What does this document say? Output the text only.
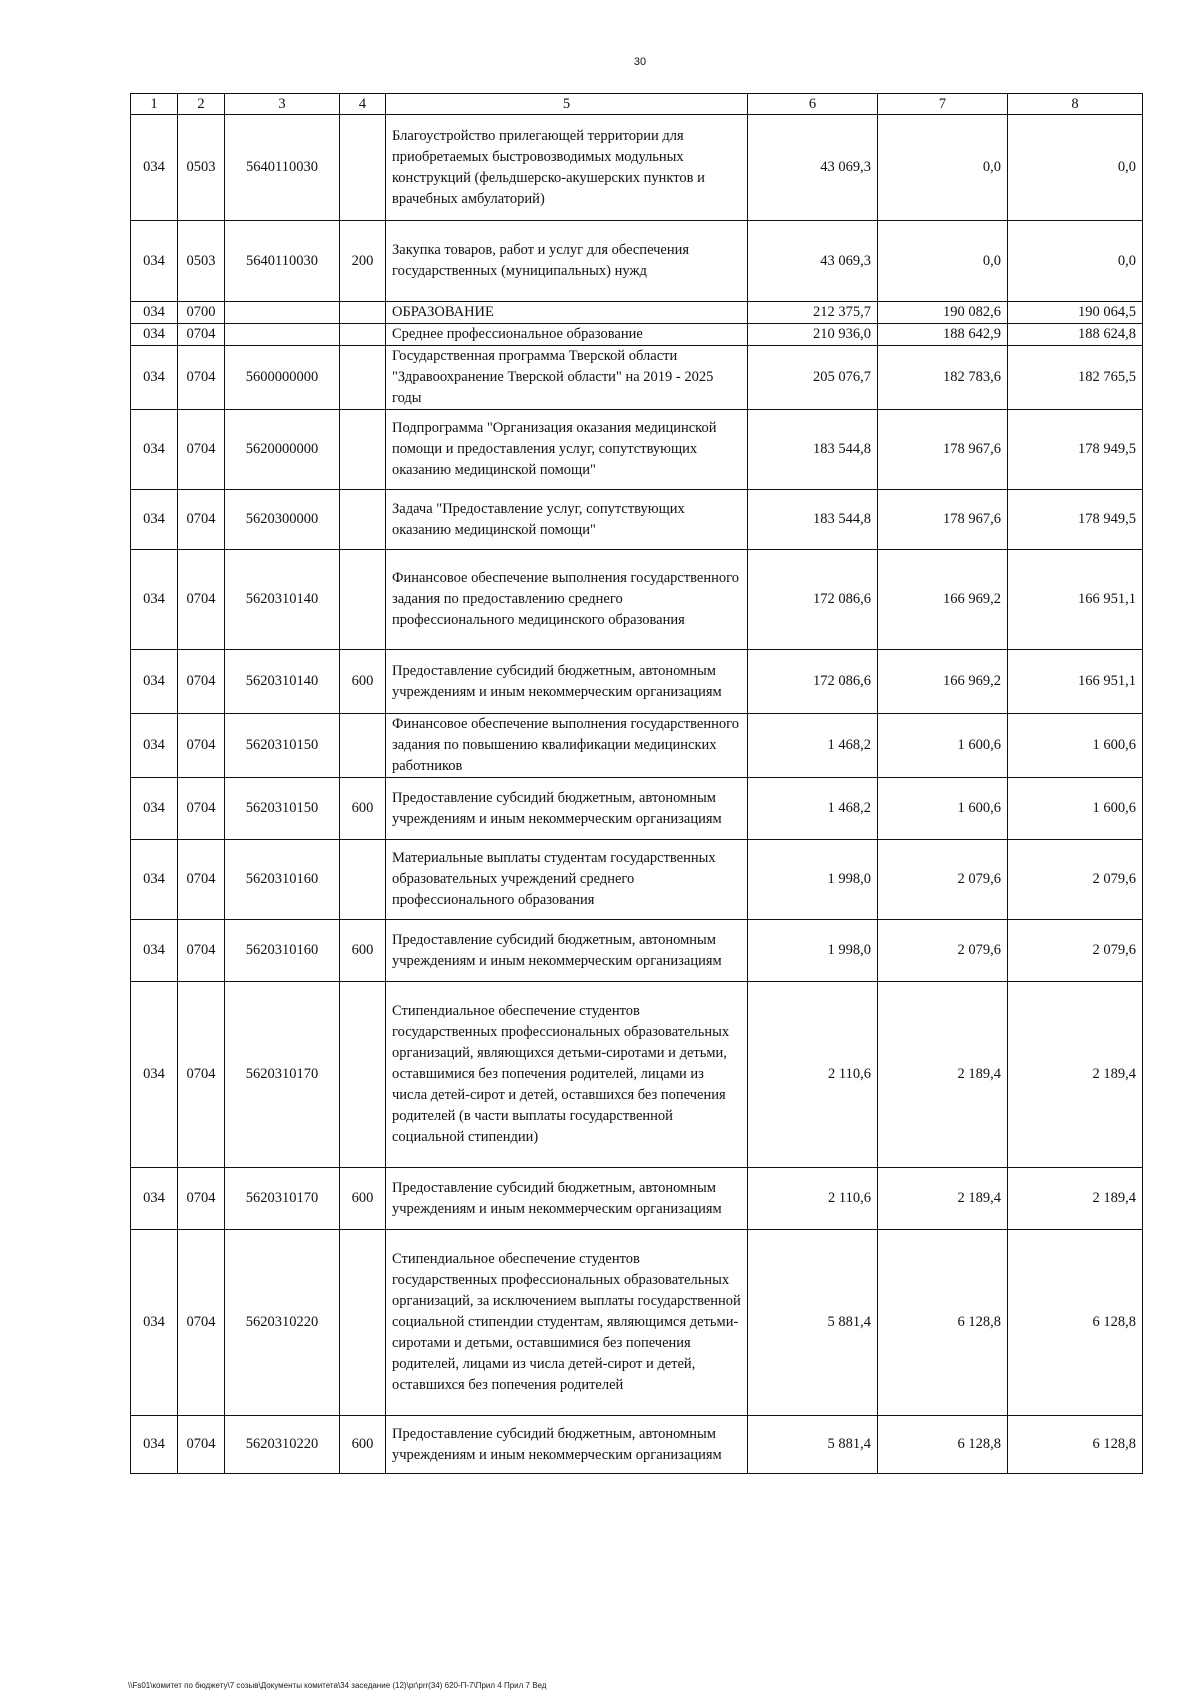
30
1	2	3	4	5	6	7	8
034	0503	5640110030		Благоустройство прилегающей территории для приобретаемых быстровозводимых модульных конструкций (фельдшерско-акушерских пунктов и врачебных амбулаторий)	43 069,3	0,0	0,0
034	0503	5640110030	200	Закупка товаров, работ и услуг для обеспечения государственных (муниципальных) нужд	43 069,3	0,0	0,0
034	0700			ОБРАЗОВАНИЕ	212 375,7	190 082,6	190 064,5
034	0704			Среднее профессиональное образование	210 936,0	188 642,9	188 624,8
034	0704	5600000000		Государственная программа Тверской области "Здравоохранение Тверской области" на 2019 - 2025 годы	205 076,7	182 783,6	182 765,5
034	0704	5620000000		Подпрограмма "Организация оказания медицинской помощи и предоставления услуг, сопутствующих оказанию медицинской помощи"	183 544,8	178 967,6	178 949,5
034	0704	5620300000		Задача "Предоставление услуг, сопутствующих оказанию медицинской помощи"	183 544,8	178 967,6	178 949,5
034	0704	5620310140		Финансовое обеспечение выполнения государственного задания по предоставлению среднего профессионального медицинского образования	172 086,6	166 969,2	166 951,1
034	0704	5620310140	600	Предоставление субсидий бюджетным, автономным учреждениям и иным некоммерческим организациям	172 086,6	166 969,2	166 951,1
034	0704	5620310150		Финансовое обеспечение выполнения государственного задания по повышению квалификации медицинских работников	1 468,2	1 600,6	1 600,6
034	0704	5620310150	600	Предоставление субсидий бюджетным, автономным учреждениям и иным некоммерческим организациям	1 468,2	1 600,6	1 600,6
034	0704	5620310160		Материальные выплаты студентам государственных образовательных учреждений среднего профессионального образования	1 998,0	2 079,6	2 079,6
034	0704	5620310160	600	Предоставление субсидий бюджетным, автономным учреждениям и иным некоммерческим организациям	1 998,0	2 079,6	2 079,6
034	0704	5620310170		Стипендиальное обеспечение студентов государственных профессиональных образовательных организаций, являющихся детьми-сиротами и детьми, оставшимися без попечения родителей, лицами из числа детей-сирот и детей, оставшихся без попечения родителей (в части выплаты государственной социальной стипендии)	2 110,6	2 189,4	2 189,4
034	0704	5620310170	600	Предоставление субсидий бюджетным, автономным учреждениям и иным некоммерческим организациям	2 110,6	2 189,4	2 189,4
034	0704	5620310220		Стипендиальное обеспечение студентов государственных профессиональных образовательных организаций, за исключением выплаты государственной социальной стипендии студентам, являющимся детьми-сиротами и детьми, оставшимися без попечения родителей, лицами из числа детей-сирот и детей, оставшихся без попечения родителей	5 881,4	6 128,8	6 128,8
034	0704	5620310220	600	Предоставление субсидий бюджетным, автономным учреждениям и иным некоммерческим организациям	5 881,4	6 128,8	6 128,8
\\Fs01\комитет по бюджету\7 созыв\Документы комитета\34 заседание (12)\рг\prr(34) 620-П-7\Прил 4 Прил 7 Вед
